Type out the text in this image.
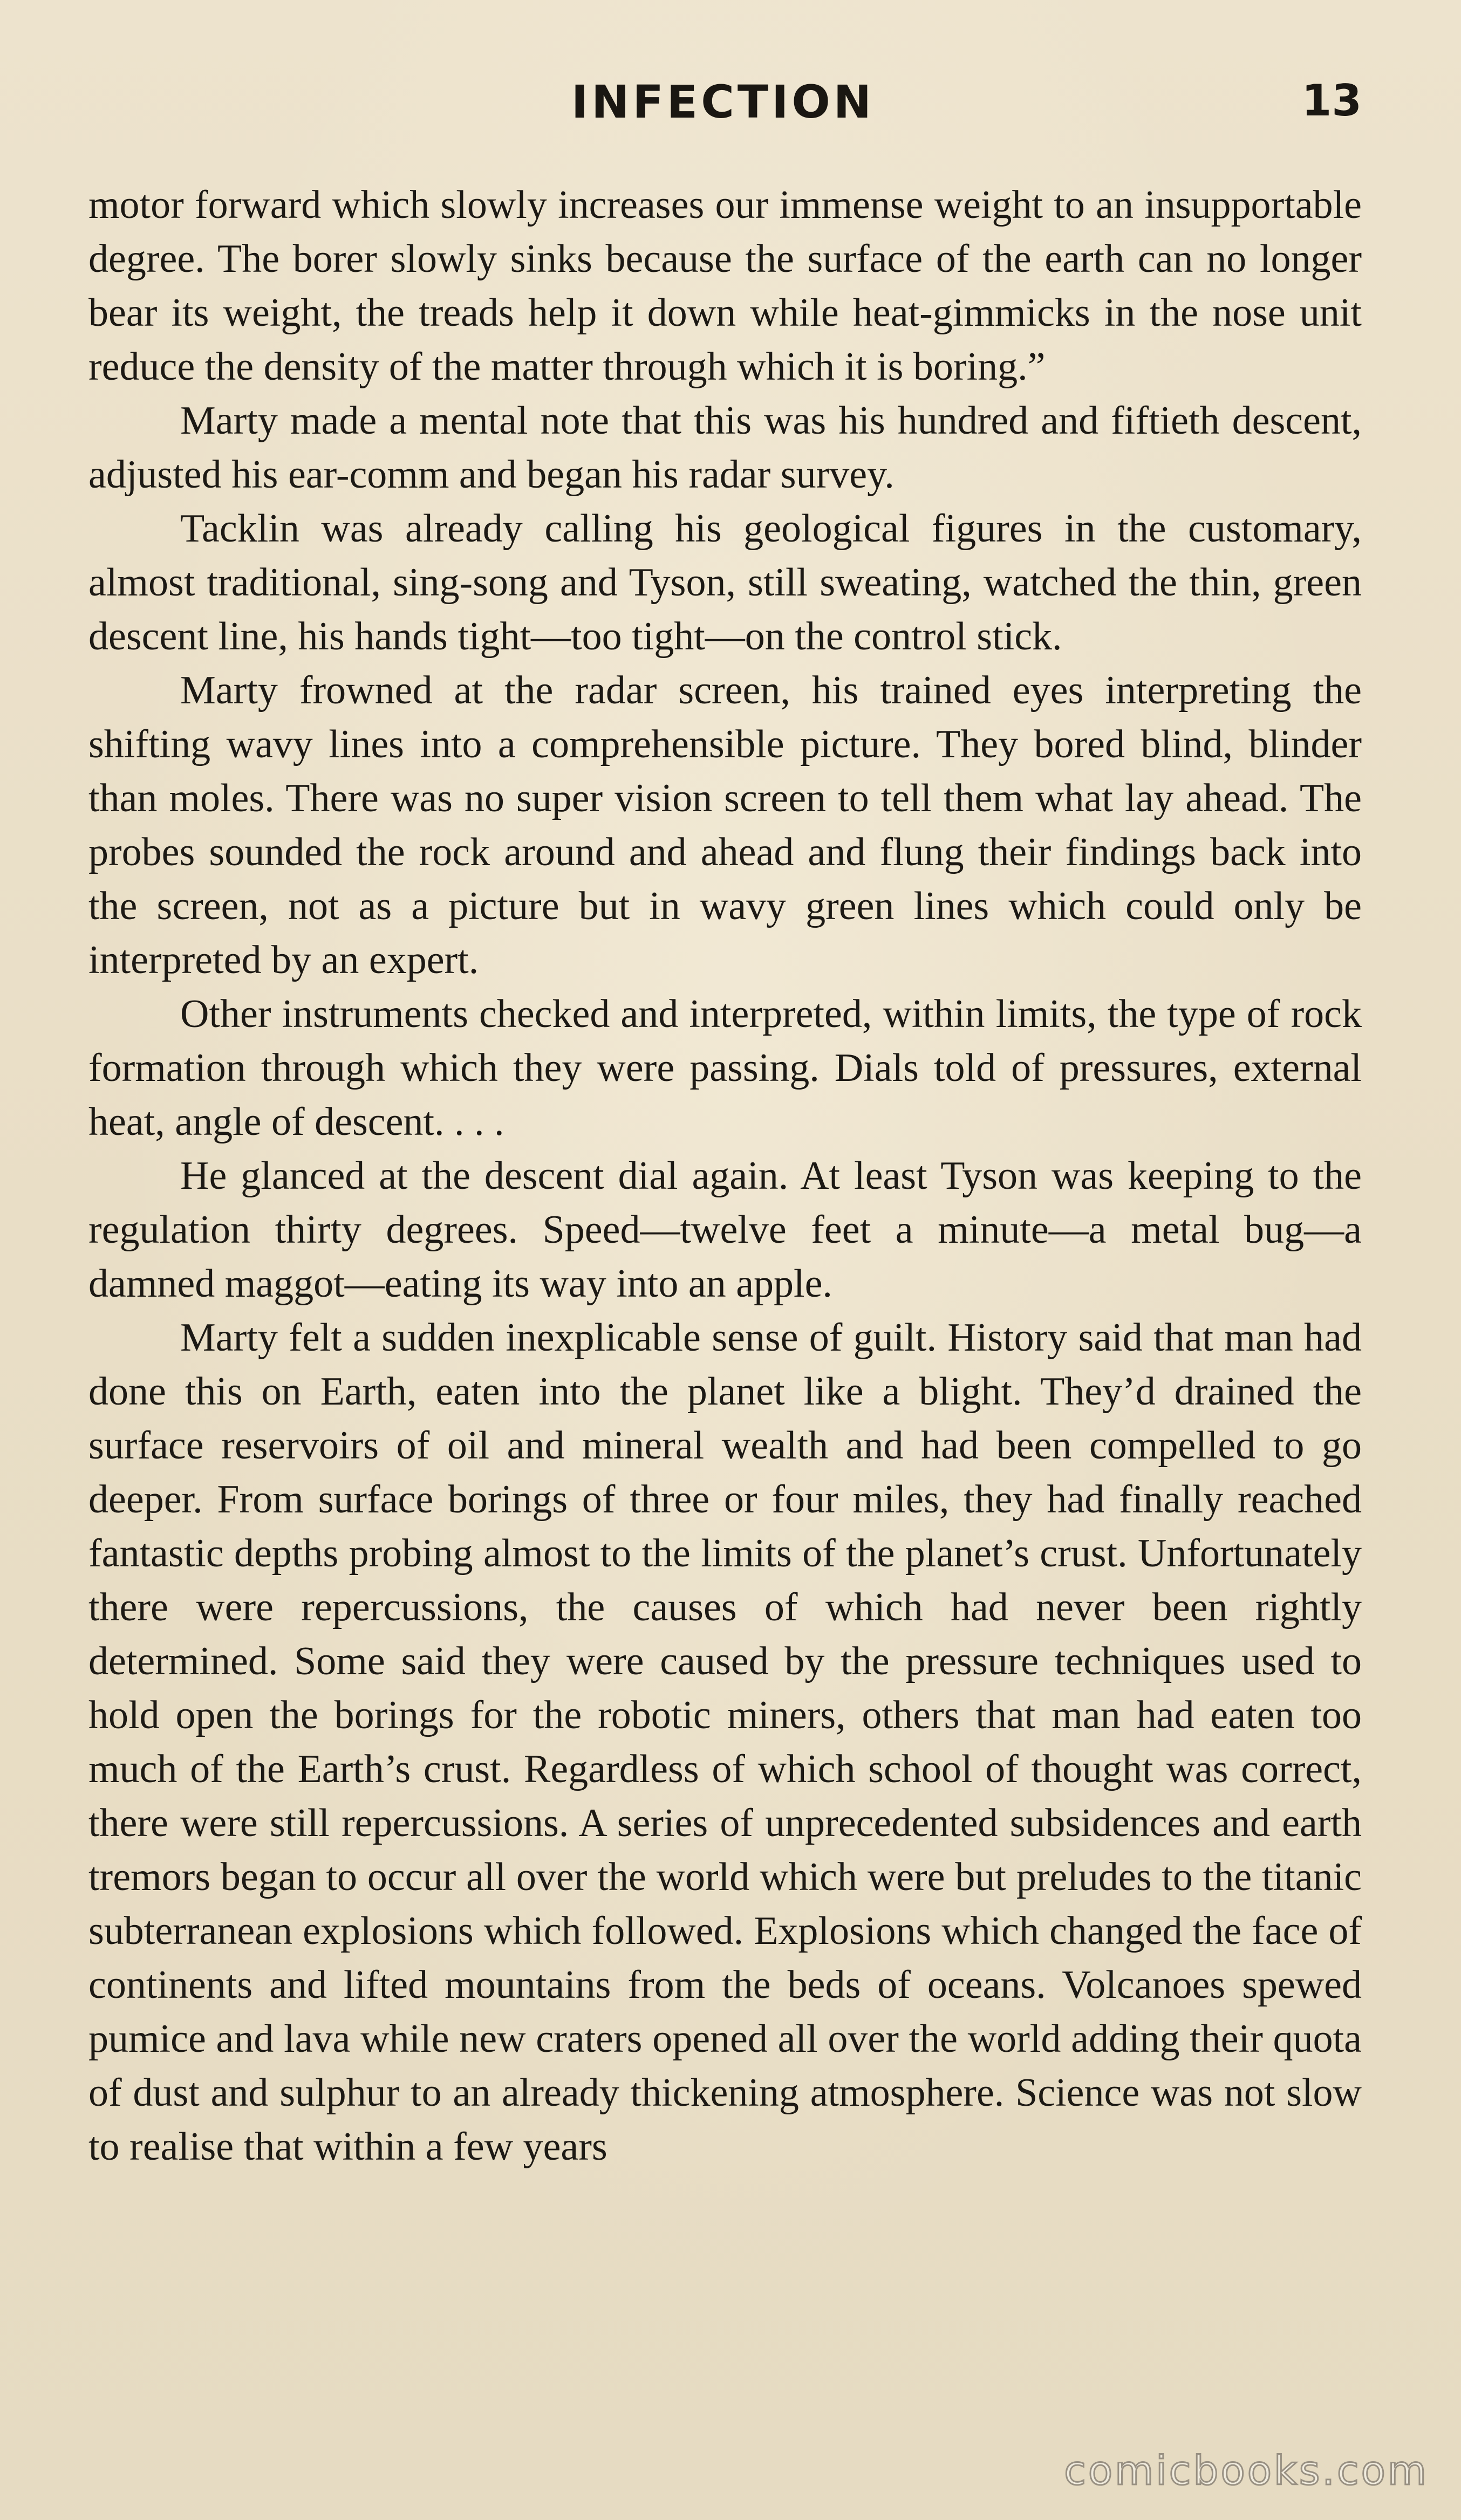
INFECTION	13

motor forward which slowly increases our immense weight to an insupportable degree. The borer slowly sinks because the surface of the earth can no longer bear its weight, the treads help it down while heat-gimmicks in the nose unit reduce the density of the matter through which it is boring.”

Marty made a mental note that this was his hundred and fiftieth descent, adjusted his ear-comm and began his radar survey.

Tacklin was already calling his geological figures in the customary, almost traditional, sing-song and Tyson, still sweating, watched the thin, green descent line, his hands tight—too tight—on the control stick.

Marty frowned at the radar screen, his trained eyes interpreting the shifting wavy lines into a comprehensible picture. They bored blind, blinder than moles. There was no super vision screen to tell them what lay ahead. The probes sounded the rock around and ahead and flung their findings back into the screen, not as a picture but in wavy green lines which could only be interpreted by an expert.

Other instruments checked and interpreted, within limits, the type of rock formation through which they were passing. Dials told of pressures, external heat, angle of descent. . . .

He glanced at the descent dial again. At least Tyson was keeping to the regulation thirty degrees. Speed—twelve feet a minute—a metal bug—a damned maggot—eating its way into an apple.

Marty felt a sudden inexplicable sense of guilt. History said that man had done this on Earth, eaten into the planet like a blight. They’d drained the surface reservoirs of oil and mineral wealth and had been compelled to go deeper. From surface borings of three or four miles, they had finally reached fantastic depths probing almost to the limits of the planet’s crust. Unfortunately there were repercussions, the causes of which had never been rightly determined. Some said they were caused by the pressure techniques used to hold open the borings for the robotic miners, others that man had eaten too much of the Earth’s crust. Regardless of which school of thought was correct, there were still repercussions. A series of unprecedented subsidences and earth tremors began to occur all over the world which were but preludes to the titanic subterranean explosions which followed. Explosions which changed the face of continents and lifted mountains from the beds of oceans. Volcanoes spewed pumice and lava while new craters opened all over the world adding their quota of dust and sulphur to an already thickening atmosphere. Science was not slow to realise that within a few years

comicbooks.com
